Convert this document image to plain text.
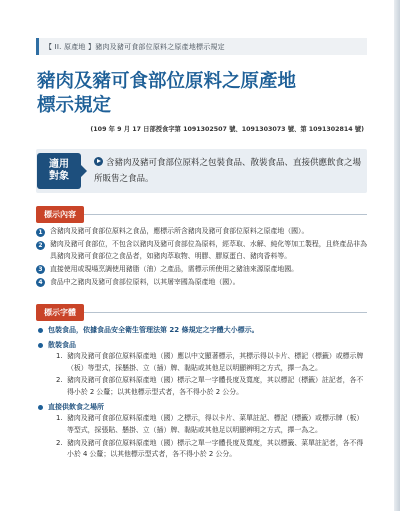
【 II. 原產地 】豬肉及豬可食部位原料之原產地標示規定
豬肉及豬可食部位原料之原產地
標示規定
(109 年 9 月 17 日部授食字第 1091302507 號、1091303073 號、第 1091302814 號)
適用
對象
含豬肉及豬可食部位原料之包裝食品、散裝食品、直接供應飲食之場所販售之食品。
標示內容
1	含豬肉及豬可食部位原料之食品，應標示所含豬肉及豬可食部位原料之原產地（國）。
2	豬肉及豬可食部位，不包含以豬肉及豬可食部位為原料，經萃取、水解、純化等加工製程，且終產品非為具豬肉及豬可食部位之食品者，如豬肉萃取物、明膠、膠原蛋白、豬肉香料等。
3	直接使用或現場烹調使用豬脂（油）之產品，需標示所使用之豬油來源原產地國。
4	食品中之豬肉及豬可食部位原料，以其屠宰國為原產地（國）。
標示字體
包裝食品，依據食品安全衛生管理法第 22 條規定之字體大小標示。
散裝食品
1. 豬肉及豬可食部位原料原產地（國）應以中文顯著標示，其標示得以卡片、標記（標籤）或標示牌（板）等型式，採懸掛、立（插）牌、黏貼或其他足以明顯辨明之方式，擇一為之。
2. 豬肉及豬可食部位原料原產地（國）標示之單一字體長度及寬度，其以標記（標籤）註記者，各不得小於 2 公釐；以其他標示型式者，各不得小於 2 公分。
直接供飲食之場所
1. 豬肉及豬可食部位原料原產地（國）之標示，得以卡片、菜單註記、標記（標籤）或標示牌（板）等型式，採張貼、懸掛、立（插）牌、黏貼或其他足以明顯辨明之方式，擇一為之。
2. 豬肉及豬可食部位原料原產地（國）標示之單一字體長度及寬度，其以標籤、菜單註記者，各不得小於 4 公釐；以其他標示型式者，各不得小於 2 公分。
